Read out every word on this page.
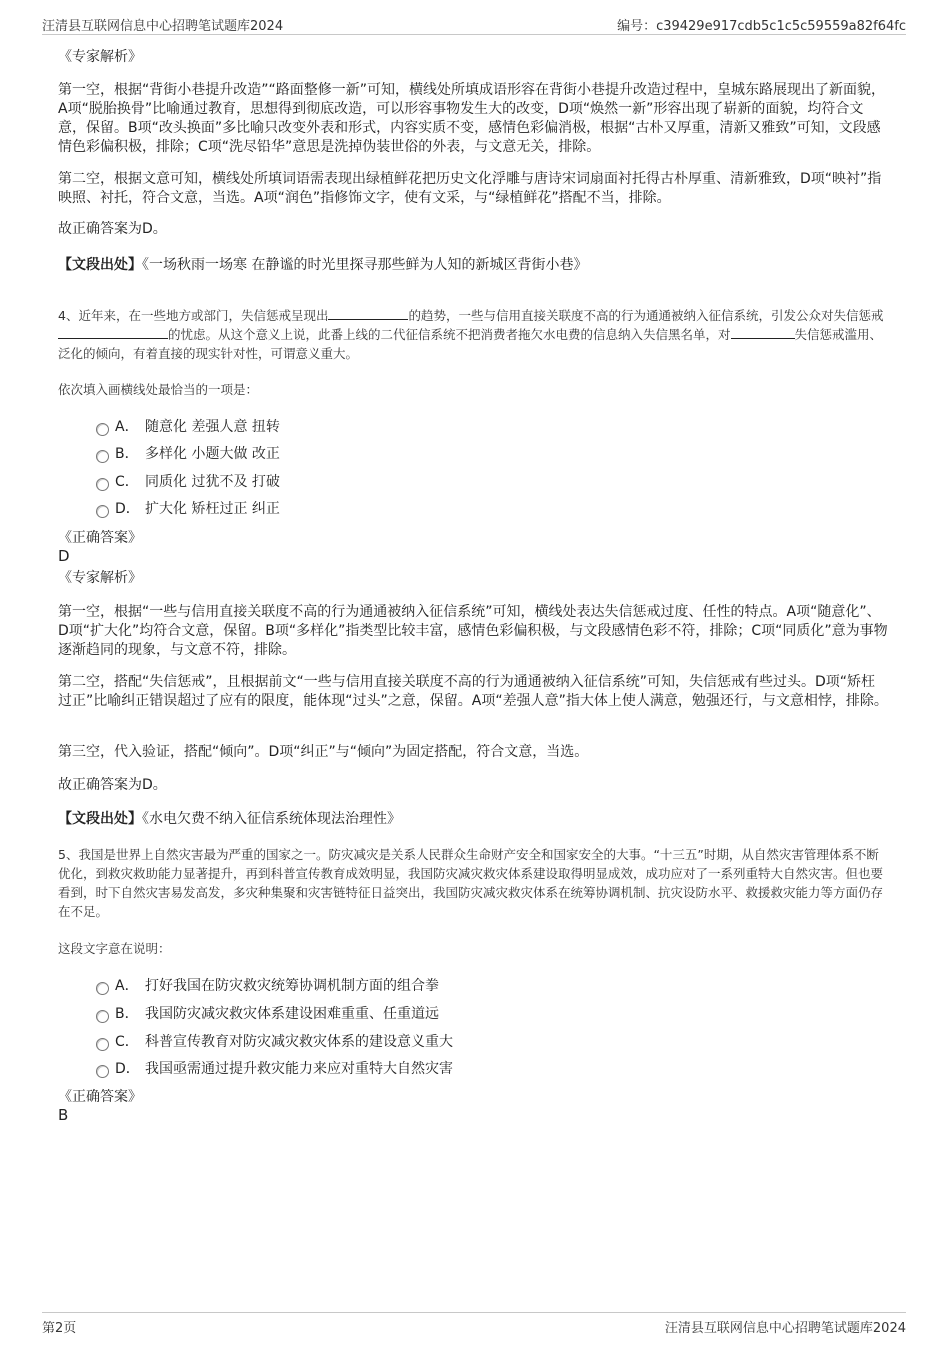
汪清县互联网信息中心招聘笔试题库2024	编号：c39429e917cdb5c1c5c59559a82f64fc
《专家解析》

第一空，根据“背街小巷提升改造”“路面整修一新”可知，横线处所填成语形容在背街小巷提升改造过程中，皇城东路展现出了新面貌，A项“脱胎换骨”比喻通过教育，思想得到彻底改造，可以形容事物发生大的改变，D项“焕然一新”形容出现了崭新的面貌，均符合文意，保留。B项“改头换面”多比喻只改变外表和形式，内容实质不变，感情色彩偏消极，根据“古朴又厚重，清新又雅致”可知，文段感情色彩偏积极，排除；C项“洗尽铅华”意思是洗掉伪装世俗的外表，与文意无关，排除。

第二空，根据文意可知，横线处所填词语需表现出绿植鲜花把历史文化浮雕与唐诗宋词扇面衬托得古朴厚重、清新雅致，D项“映衬”指映照、衬托，符合文意，当选。A项“润色”指修饰文字，使有文采，与“绿植鲜花”搭配不当，排除。

故正确答案为D。

【文段出处】《一场秋雨一场寒 在静谧的时光里探寻那些鲜为人知的新城区背街小巷》

4、近年来，在一些地方或部门，失信惩戒呈现出	的趋势，一些与信用直接关联度不高的行为通通被纳入征信系统，引发公众对失信惩戒的忧虑。从这个意义上说，此番上线的二代征信系统不把消费者拖欠水电费的信息纳入失信黑名单，对	失信惩戒滥用、泛化的倾向，有着直接的现实针对性，可谓意义重大。

依次填入画横线处最恰当的一项是：

A． 随意化 差强人意 扭转
B． 多样化 小题大做 改正
C． 同质化 过犹不及 打破
D． 扩大化 矫枉过正 纠正
《正确答案》
D
《专家解析》

第一空，根据“一些与信用直接关联度不高的行为通通被纳入征信系统”可知，横线处表达失信惩戒过度、任性的特点。A项“随意化”、D项“扩大化”均符合文意，保留。B项“多样化”指类型比较丰富，感情色彩偏积极，与文段感情色彩不符，排除；C项“同质化”意为事物逐渐趋同的现象，与文意不符，排除。

第二空，搭配“失信惩戒”，且根据前文“一些与信用直接关联度不高的行为通通被纳入征信系统”可知，失信惩戒有些过头。D项“矫枉过正”比喻纠正错误超过了应有的限度，能体现“过头”之意，保留。A项“差强人意”指大体上使人满意，勉强还行，与文意相悖，排除。

第三空，代入验证，搭配“倾向”。D项“纠正”与“倾向”为固定搭配，符合文意，当选。

故正确答案为D。

【文段出处】《水电欠费不纳入征信系统体现法治理性》

5、我国是世界上自然灾害最为严重的国家之一。防灾减灾是关系人民群众生命财产安全和国家安全的大事。“十三五”时期，从自然灾害管理体系不断优化，到救灾救助能力显著提升，再到科普宣传教育成效明显，我国防灾减灾救灾体系建设取得明显成效，成功应对了一系列重特大自然灾害。但也要看到，时下自然灾害易发高发，多灾种集聚和灾害链特征日益突出，我国防灾减灾救灾体系在统筹协调机制、抗灾设防水平、救援救灾能力等方面仍存在不足。

这段文字意在说明：

A． 打好我国在防灾救灾统筹协调机制方面的组合拳
B． 我国防灾减灾救灾体系建设困难重重、任重道远
C． 科普宣传教育对防灾减灾救灾体系的建设意义重大
D． 我国亟需通过提升救灾能力来应对重特大自然灾害
《正确答案》
B
第2页	汪清县互联网信息中心招聘笔试题库2024
